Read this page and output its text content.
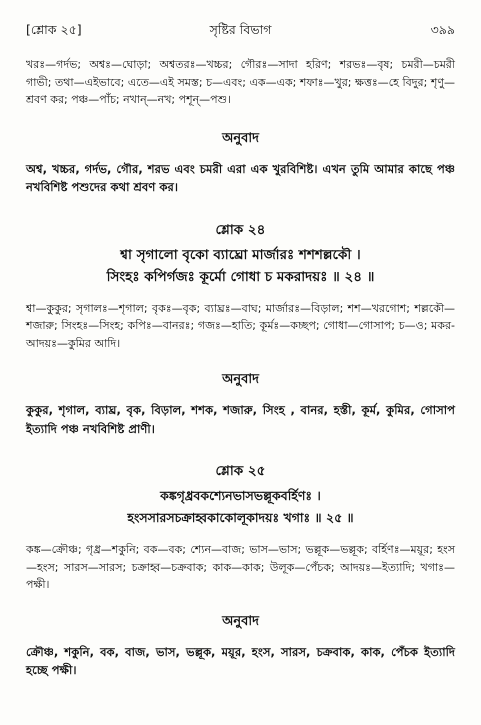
[শ্লোক ২৫]	সৃষ্টির বিভাগ	৩৯৯

খরঃ—গর্দভ; অশ্বঃ—ঘোড়া; অশ্বতরঃ—খচ্চর; গৌরঃ—সাদা হরিণ; শরভঃ—বৃষ; চমরী—চমরী গাভী; তথা—এইভাবে; এতে—এই সমস্ত; চ—এবং; এক—এক; শফাঃ—খুর; ক্ষত্তঃ—হে বিদুর; শৃণু—শ্রবণ কর; পঞ্চ—পাঁচ; নখান্—নখ; পশূন্—পশু।

অনুবাদ

অশ্ব, খচ্চর, গর্দভ, গৌর, শরভ এবং চমরী এরা এক খুরবিশিষ্ট। এখন তুমি আমার কাছে পঞ্চ নখবিশিষ্ট পশুদের কথা শ্রবণ কর।

শ্লোক ২৪

শ্বা সৃগালো বৃকো ব্যাঘ্রো মার্জারঃ শশশল্লকৌ ।

সিংহঃ কপির্গজঃ কূর্মো গোধা চ মকরাদয়ঃ ॥ ২৪ ॥

শ্বা—কুকুর; সৃগালঃ—শৃগাল; বৃকঃ—বৃক; ব্যাঘ্রঃ—বাঘ; মার্জারঃ—বিড়াল; শশ—খরগোশ; শল্লকৌ—শজারু; সিংহঃ—সিংহ; কপিঃ—বানরঃ; গজঃ—হাতি; কূর্মঃ—কচ্ছপ; গোধা—গোসাপ; চ—ও; মকর-আদয়ঃ—কুমির আদি।

অনুবাদ

কুকুর, শৃগাল, ব্যাঘ্র, বৃক, বিড়াল, শশক, শজারু, সিংহ , বানর, হস্তী, কূর্ম, কুমির, গোসাপ ইত্যাদি পঞ্চ নখবিশিষ্ট প্রাণী।

শ্লোক ২৫

কঙ্কগৃধ্রবকশ্যেনভাসভল্লূকবর্হিণঃ ।

হংসসারসচক্রাহ্বকাকোলূকাদয়ঃ খগাঃ ॥ ২৫ ॥

কঙ্ক—ক্রৌঞ্চ; গৃধ্র—শকুনি; বক—বক; শ্যেন—বাজ; ভাস—ভাস; ভল্লূক—ভল্লূক; বর্হিণঃ—ময়ূর; হংস—হংস; সারস—সারস; চক্রাহ্ব—চক্রবাক; কাক—কাক; উলূক—পেঁচক; আদয়ঃ—ইত্যাদি; খগাঃ—পক্ষী।

অনুবাদ

ক্রৌঞ্চ, শকুনি, বক, বাজ, ভাস, ভল্লূক, ময়ূর, হংস, সারস, চক্রবাক, কাক, পেঁচক ইত্যাদি হচ্ছে পক্ষী।
